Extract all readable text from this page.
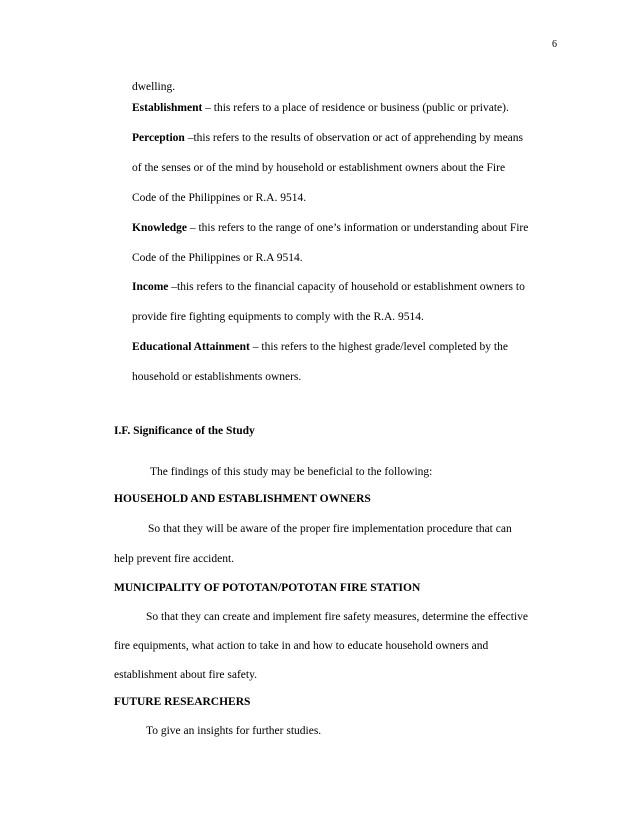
6
dwelling.
Establishment – this refers to a place of residence or business (public or private).
Perception –this refers to the results of observation or act of apprehending by means
of the senses or of the mind by household or establishment owners about the Fire
Code of the Philippines or R.A. 9514.
Knowledge – this refers to the range of one’s information or understanding about Fire
Code of the Philippines or R.A 9514.
Income –this refers to the financial capacity of household or establishment owners to
provide fire fighting equipments to comply with the R.A. 9514.
Educational Attainment – this refers to the highest grade/level completed by the
household or establishments owners.
I.F. Significance of the Study
The findings of this study may be beneficial to the following:
HOUSEHOLD AND ESTABLISHMENT OWNERS
So that they will be aware of the proper fire implementation procedure that can
help prevent fire accident.
MUNICIPALITY OF POTOTAN/POTOTAN FIRE STATION
So that they can create and implement fire safety measures, determine the effective
fire equipments, what action to take in and how to educate household owners and
establishment about fire safety.
FUTURE RESEARCHERS
To give an insights for further studies.
